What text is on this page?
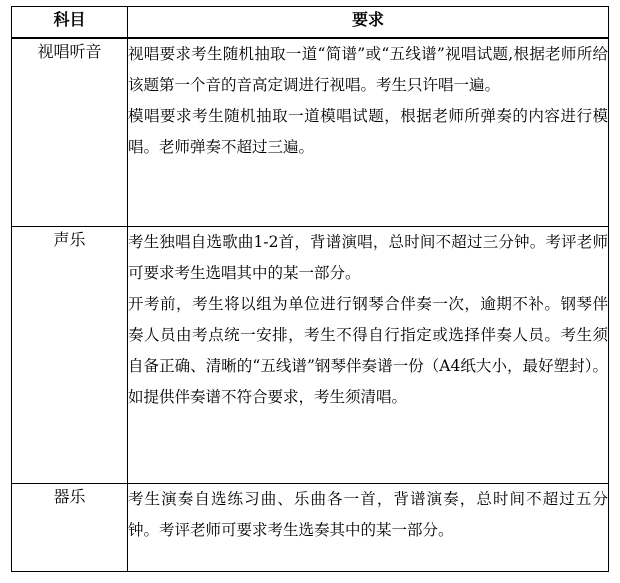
科目	要求
视唱听音	视唱要求考生随机抽取一道“简谱”或“五线谱”视唱试题,根据老师所给该题第一个音的音高定调进行视唱。考生只许唱一遍。

模唱要求考生随机抽取一道模唱试题，根据老师所弹奏的内容进行模唱。老师弹奏不超过三遍。

声乐	考生独唱自选歌曲1-2首，背谱演唱，总时间不超过三分钟。考评老师可要求考生选唱其中的某一部分。

开考前，考生将以组为单位进行钢琴合伴奏一次，逾期不补。钢琴伴奏人员由考点统一安排，考生不得自行指定或选择伴奏人员。考生须自备正确、清晰的“五线谱”钢琴伴奏谱一份（A4纸大小，最好塑封）。如提供伴奏谱不符合要求，考生须清唱。

器乐	考生演奏自选练习曲、乐曲各一首，背谱演奏，总时间不超过五分钟。考评老师可要求考生选奏其中的某一部分。
